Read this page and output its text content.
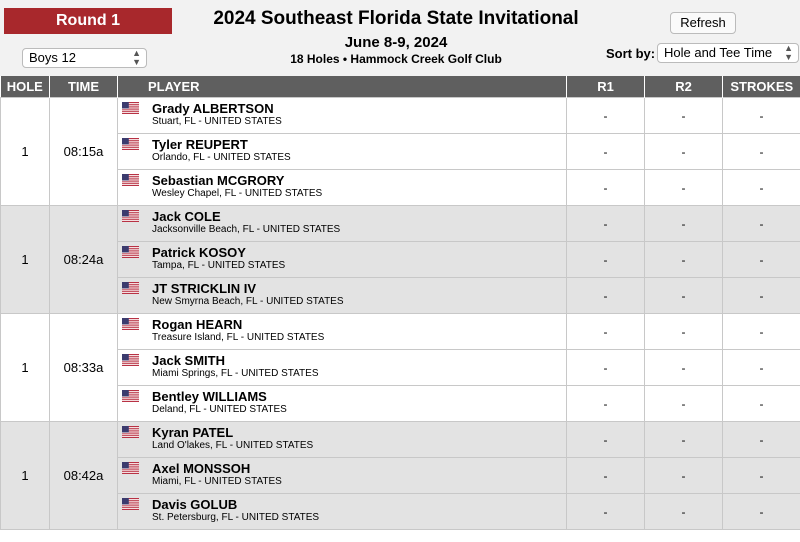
Round 1	2024 Southeast Florida State Invitational
June 8-9, 2024
18 Holes • Hammock Creek Golf Club
Refresh
Boys 12	▲
▼
Sort by: Hole and Tee Time ▲
▼
HOLE	TIME	PLAYER	R1	R2	STROKES
1	08:15a	Grady ALBERTSON
Stuart, FL - UNITED STATES	-	-	-

		Tyler REUPERT
Orlando, FL - UNITED STATES	-	-	-

		Sebastian MCGRORY
Wesley Chapel, FL - UNITED STATES	-	-	-
1	08:24a	Jack COLE
Jacksonville Beach, FL - UNITED STATES	-	-	-

		Patrick KOSOY
Tampa, FL - UNITED STATES	-	-	-

		JT STRICKLIN IV
New Smyrna Beach, FL - UNITED STATES	-	-	-
1	08:33a	Rogan HEARN
Treasure Island, FL - UNITED STATES	-	-	-

		Jack SMITH
Miami Springs, FL - UNITED STATES	-	-	-

		Bentley WILLIAMS
Deland, FL - UNITED STATES	-	-	-
1	08:42a	Kyran PATEL
Land O'lakes, FL - UNITED STATES	-	-	-

		Axel MONSSOH
Miami, FL - UNITED STATES	-	-	-

		Davis GOLUB
St. Petersburg, FL - UNITED STATES	-	-	-
